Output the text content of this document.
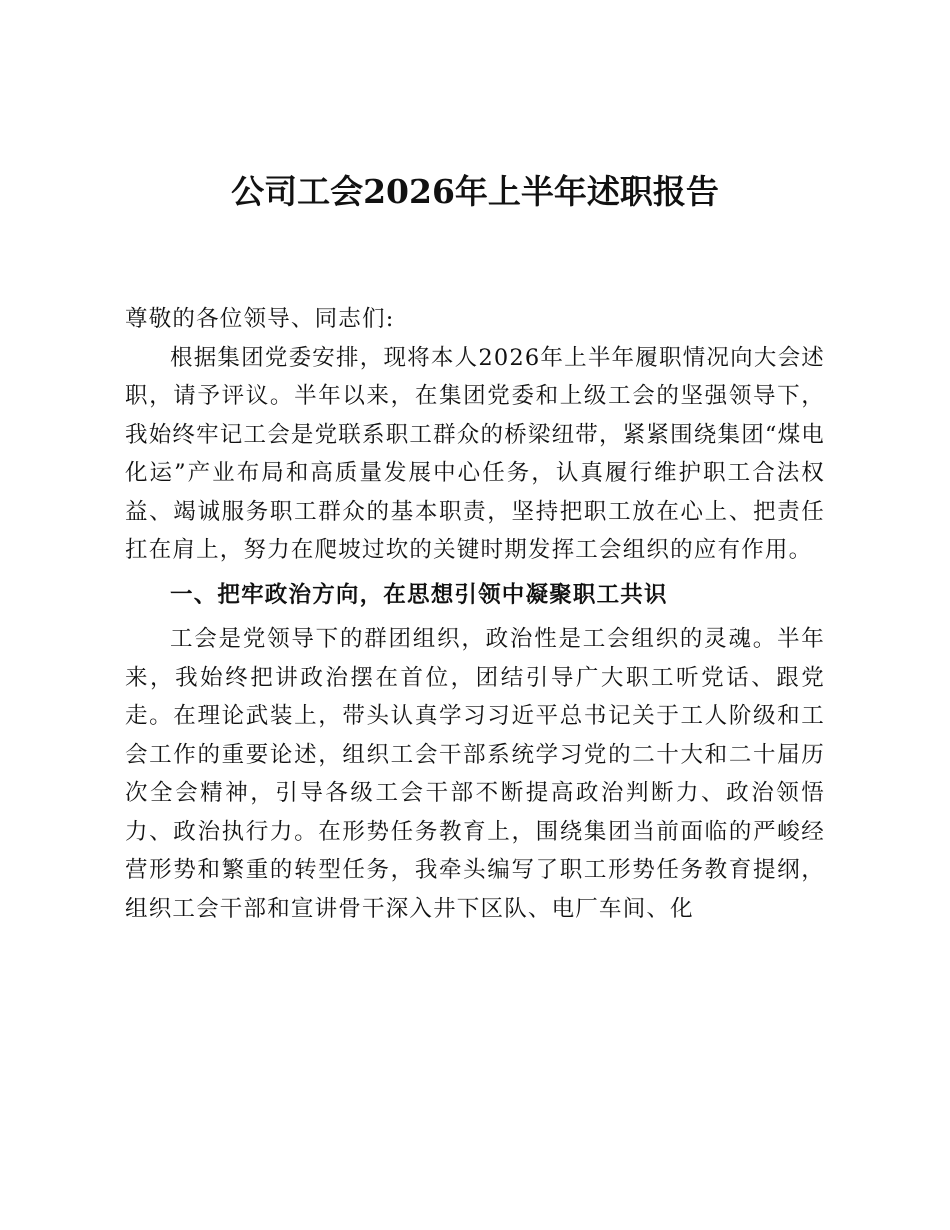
公司工会2026年上半年述职报告

尊敬的各位领导、同志们:

根据集团党委安排，现将本人2026年上半年履职情况向大会述职，请予评议。半年以来，在集团党委和上级工会的坚强领导下，我始终牢记工会是党联系职工群众的桥梁纽带，紧紧围绕集团“煤电化运”产业布局和高质量发展中心任务，认真履行维护职工合法权益、竭诚服务职工群众的基本职责，坚持把职工放在心上、把责任扛在肩上，努力在爬坡过坎的关键时期发挥工会组织的应有作用。

一、把牢政治方向，在思想引领中凝聚职工共识

工会是党领导下的群团组织，政治性是工会组织的灵魂。半年来，我始终把讲政治摆在首位，团结引导广大职工听党话、跟党走。在理论武装上，带头认真学习习近平总书记关于工人阶级和工会工作的重要论述，组织工会干部系统学习党的二十大和二十届历次全会精神，引导各级工会干部不断提高政治判断力、政治领悟力、政治执行力。在形势任务教育上，围绕集团当前面临的严峻经营形势和繁重的转型任务，我牵头编写了职工形势任务教育提纲，组织工会干部和宣讲骨干深入井下区队、电厂车间、化
